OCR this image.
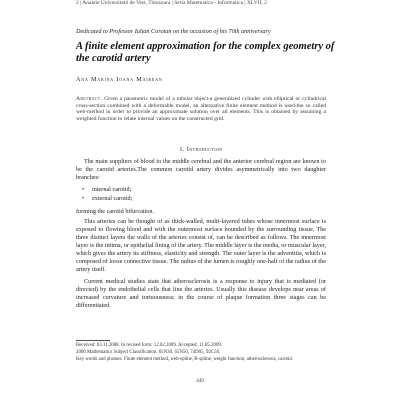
2 | Analele Universitatii de Vest, Timisoara | Seria Matematica - Informatica | XLVII, 2
Dedicated to Professor Iulian Coroian on the occasion of his 70th anniversary
A finite element approximation for the complex geometry of the carotid artery
Ana Marina Ioana Măirean
Abstract. Given a parametric model of a tubular object-a generalized cylinder with elliptical or cylindrical cross-section combined with a deformable model, an alternative finite element method is used-the so called web-method in order to provide an approximate solution over all elements. This is obtained by assuming a weighted function to relate internal values on the constructed grid.
1. Introduction
The main suppliers of blood to the middle cerebral and the anterior cerebral region are known to be the carotid arteries.The common carotid artery divides asymmetrically into two daughter branches:
• internal carotid;
• external carotid;
forming the carotid bifurcation.
This arteries can be thought of as thick-walled, multi-layered tubes whose innermost surface is exposed to flowing blood and with the outermost surface bounded by the surrounding tissue. The three distinct layers the walls of the arteries consist of, can be described as follows. The innermost layer is the intima, or epithelial lining of the artery. The middle layer is the media, or muscular layer, which gives the artery its stiffness, elasticity and strength. The outer layer is the adventitia, which is composed of loose connective tissue. The radius of the lumen is roughly one-half of the radius of the artery itself.
Current medical studies state that atherosclerosis is a response to injury that is mediated (or directed) by the endothelial cells that line the arteries. Usually this disease develops near areas of increased curvature and tortuousness; in the course of plaque formation three stages can be differentiated.
Received: 03.11.2008. In revised form: 12.02.2009. Accepted: 11.05.2009.
2000 Mathematics Subject Classification. 65N30, 65N50, 74D05, 92C50.
Key words and phrases. Finite element method, web-spline, B-spline, weight function, atherosclerosis, carotid.
449
